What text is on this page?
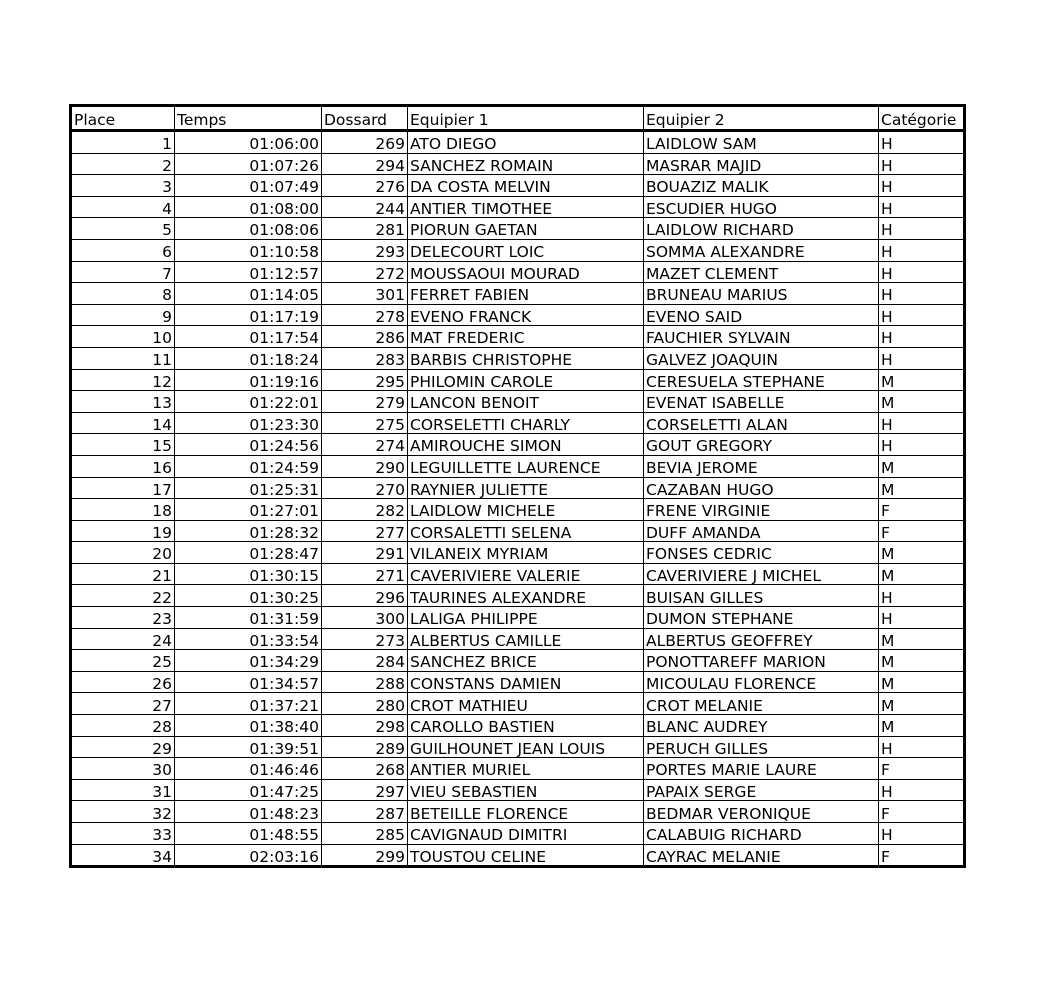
Place	Temps	Dossard	Equipier 1	Equipier 2	Catégorie
1	01:06:00	269	ATO DIEGO	LAIDLOW SAM	H
2	01:07:26	294	SANCHEZ ROMAIN	MASRAR MAJID	H
3	01:07:49	276	DA COSTA MELVIN	BOUAZIZ MALIK	H
4	01:08:00	244	ANTIER TIMOTHEE	ESCUDIER HUGO	H
5	01:08:06	281	PIORUN GAETAN	LAIDLOW RICHARD	H
6	01:10:58	293	DELECOURT LOIC	SOMMA ALEXANDRE	H
7	01:12:57	272	MOUSSAOUI MOURAD	MAZET CLEMENT	H
8	01:14:05	301	FERRET FABIEN	BRUNEAU MARIUS	H
9	01:17:19	278	EVENO FRANCK	EVENO SAID	H
10	01:17:54	286	MAT FREDERIC	FAUCHIER SYLVAIN	H
11	01:18:24	283	BARBIS CHRISTOPHE	GALVEZ JOAQUIN	H
12	01:19:16	295	PHILOMIN CAROLE	CERESUELA STEPHANE	M
13	01:22:01	279	LANCON BENOIT	EVENAT ISABELLE	M
14	01:23:30	275	CORSELETTI CHARLY	CORSELETTI ALAN	H
15	01:24:56	274	AMIROUCHE SIMON	GOUT GREGORY	H
16	01:24:59	290	LEGUILLETTE LAURENCE	BEVIA JEROME	M
17	01:25:31	270	RAYNIER JULIETTE	CAZABAN HUGO	M
18	01:27:01	282	LAIDLOW MICHELE	FRENE VIRGINIE	F
19	01:28:32	277	CORSALETTI SELENA	DUFF AMANDA	F
20	01:28:47	291	VILANEIX MYRIAM	FONSES CEDRIC	M
21	01:30:15	271	CAVERIVIERE VALERIE	CAVERIVIERE J MICHEL	M
22	01:30:25	296	TAURINES ALEXANDRE	BUISAN GILLES	H
23	01:31:59	300	LALIGA PHILIPPE	DUMON STEPHANE	H
24	01:33:54	273	ALBERTUS CAMILLE	ALBERTUS GEOFFREY	M
25	01:34:29	284	SANCHEZ BRICE	PONOTTAREFF MARION	M
26	01:34:57	288	CONSTANS DAMIEN	MICOULAU FLORENCE	M
27	01:37:21	280	CROT MATHIEU	CROT MELANIE	M
28	01:38:40	298	CAROLLO BASTIEN	BLANC AUDREY	M
29	01:39:51	289	GUILHOUNET JEAN LOUIS	PERUCH GILLES	H
30	01:46:46	268	ANTIER MURIEL	PORTES MARIE LAURE	F
31	01:47:25	297	VIEU SEBASTIEN	PAPAIX SERGE	H
32	01:48:23	287	BETEILLE FLORENCE	BEDMAR VERONIQUE	F
33	01:48:55	285	CAVIGNAUD DIMITRI	CALABUIG RICHARD	H
34	02:03:16	299	TOUSTOU CELINE	CAYRAC MELANIE	F
